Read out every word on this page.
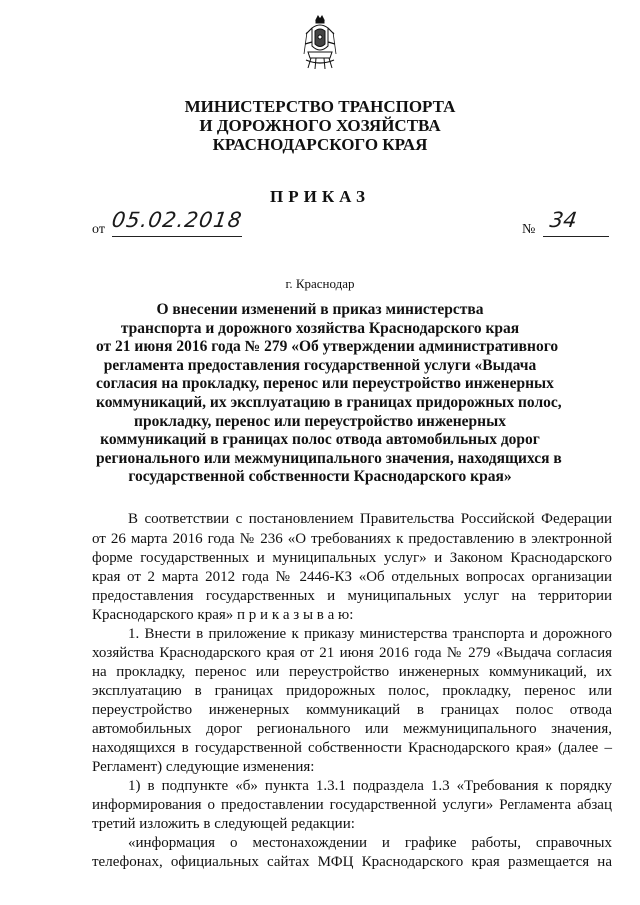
МИНИСТЕРСТВО ТРАНСПОРТА
И ДОРОЖНОГО ХОЗЯЙСТВА
КРАСНОДАРСКОГО КРАЯ
ПРИКАЗ
от 05.02.2018	№ 34
г. Краснодар
О внесении изменений в приказ министерства
транспорта и дорожного хозяйства Краснодарского края
от 21 июня 2016 года № 279 «Об утверждении административного
регламента предоставления государственной услуги «Выдача
согласия на прокладку, перенос или переустройство инженерных
коммуникаций, их эксплуатацию в границах придорожных полос,
прокладку, перенос или переустройство инженерных
коммуникаций в границах полос отвода автомобильных дорог
регионального или межмуниципального значения, находящихся в
государственной собственности Краснодарского края»
В соответствии с постановлением Правительства Российской Федерации
от 26 марта 2016 года № 236 «О требованиях к предоставлению в электронной
форме государственных и муниципальных услуг» и Законом Краснодарского
края от 2 марта 2012 года № 2446-КЗ «Об отдельных вопросах организации
предоставления государственных и муниципальных услуг на территории
Краснодарского края» п р и к а з ы в а ю:
1. Внести в приложение к приказу министерства транспорта и дорожного
хозяйства Краснодарского края от 21 июня 2016 года № 279 «Выдача согласия
на прокладку, перенос или переустройство инженерных коммуникаций, их
эксплуатацию в границах придорожных полос, прокладку, перенос или
переустройство инженерных коммуникаций в границах полос отвода
автомобильных дорог регионального или межмуниципального значения,
находящихся в государственной собственности Краснодарского края» (далее –
Регламент) следующие изменения:
1) в подпункте «б» пункта 1.3.1 подраздела 1.3 «Требования к порядку
информирования о предоставлении государственной услуги» Регламента абзац
третий изложить в следующей редакции:
«информация о местонахождении и графике работы, справочных
телефонах, официальных сайтах МФЦ Краснодарского края размещается на
